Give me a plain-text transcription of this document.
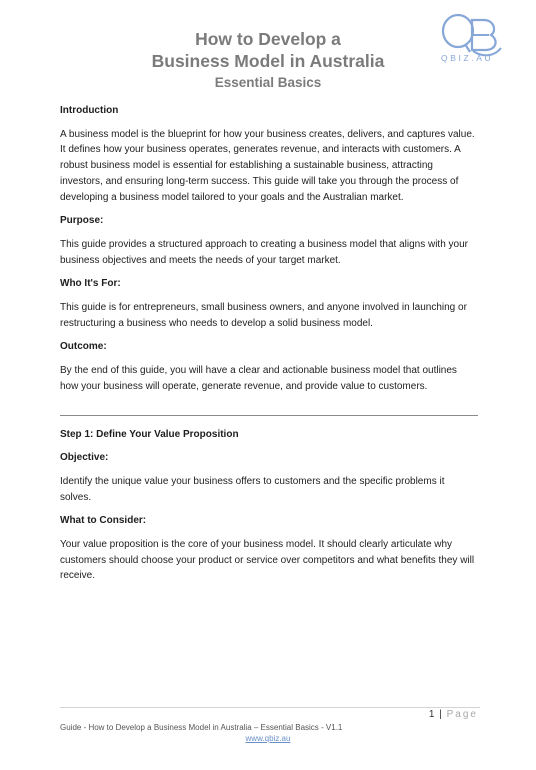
How to Develop a
Business Model in Australia
Essential Basics
QBIZ.AU

Introduction

A business model is the blueprint for how your business creates, delivers, and captures value. It defines how your business operates, generates revenue, and interacts with customers. A robust business model is essential for establishing a sustainable business, attracting investors, and ensuring long-term success. This guide will take you through the process of developing a business model tailored to your goals and the Australian market.

Purpose:

This guide provides a structured approach to creating a business model that aligns with your business objectives and meets the needs of your target market.

Who It's For:

This guide is for entrepreneurs, small business owners, and anyone involved in launching or restructuring a business who needs to develop a solid business model.

Outcome:

By the end of this guide, you will have a clear and actionable business model that outlines how your business will operate, generate revenue, and provide value to customers.

Step 1: Define Your Value Proposition

Objective:

Identify the unique value your business offers to customers and the specific problems it solves.

What to Consider:

Your value proposition is the core of your business model. It should clearly articulate why customers should choose your product or service over competitors and what benefits they will receive.

1 | Page
Guide - How to Develop a Business Model in Australia – Essential Basics - V1.1
www.qbiz.au
